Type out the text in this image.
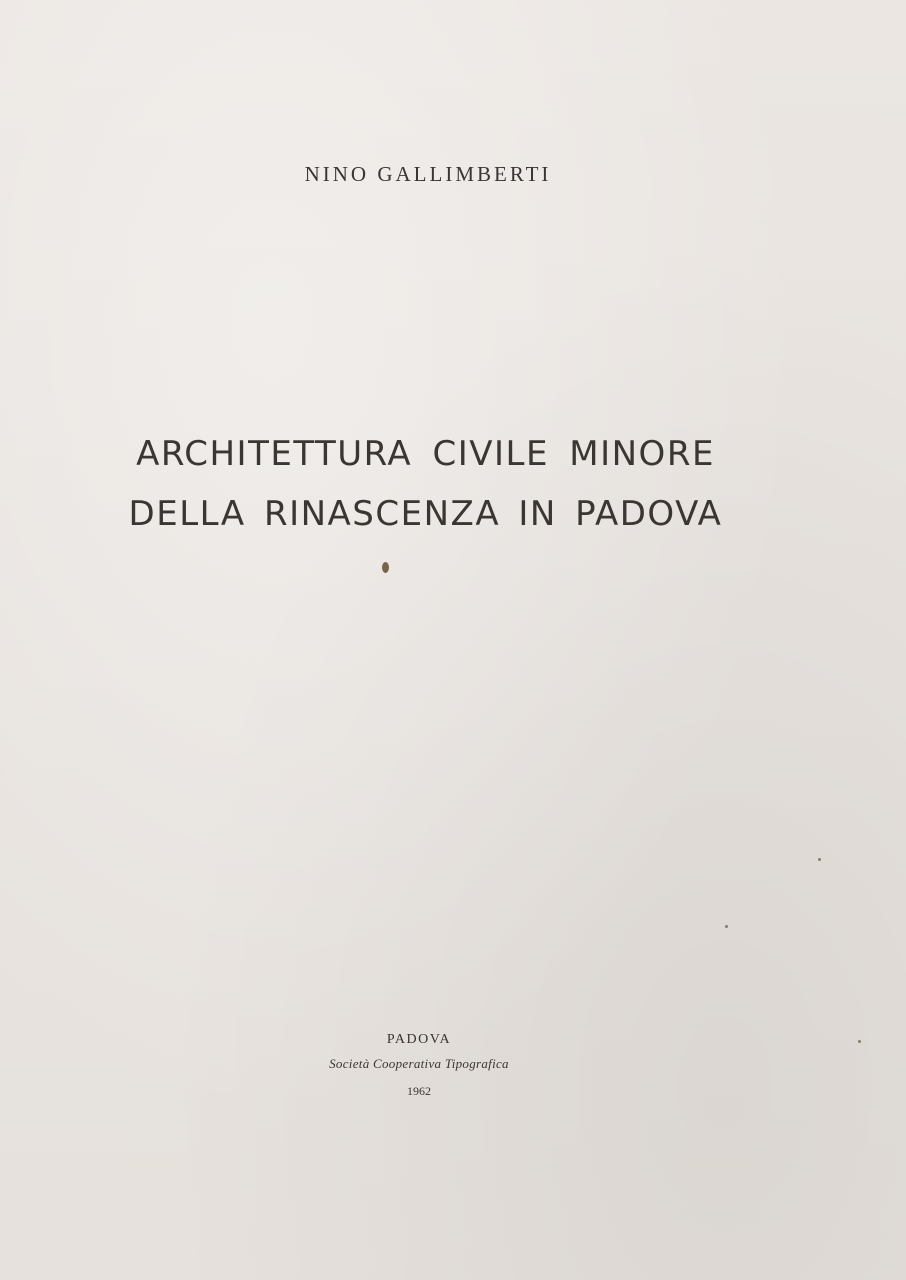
NINO GALLIMBERTI
ARCHITETTURA CIVILE MINORE
DELLA RINASCENZA IN PADOVA
PADOVA
Società Cooperativa Tipografica
1962
